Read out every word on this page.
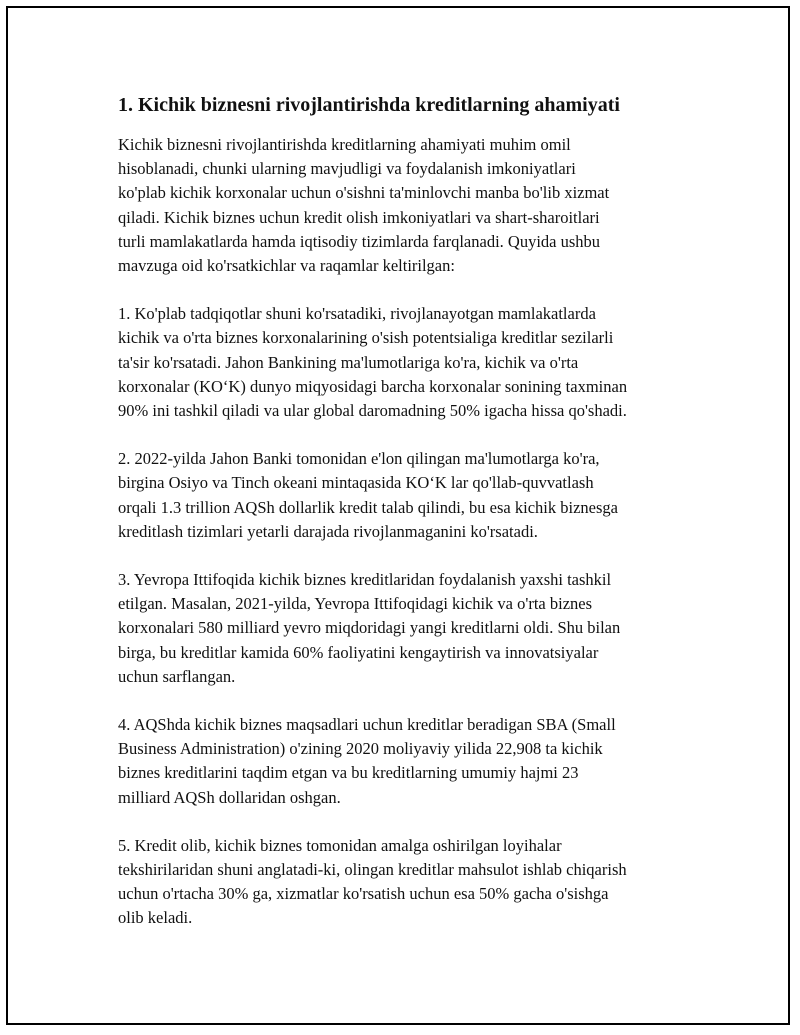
1. Kichik biznesni rivojlantirishda kreditlarning ahamiyati

Kichik biznesni rivojlantirishda kreditlarning ahamiyati muhim omil
hisoblanadi, chunki ularning mavjudligi va foydalanish imkoniyatlari
ko'plab kichik korxonalar uchun o'sishni ta'minlovchi manba bo'lib xizmat
qiladi. Kichik biznes uchun kredit olish imkoniyatlari va shart-sharoitlari
turli mamlakatlarda hamda iqtisodiy tizimlarda farqlanadi. Quyida ushbu
mavzuga oid ko'rsatkichlar va raqamlar keltirilgan:

1. Ko'plab tadqiqotlar shuni ko'rsatadiki, rivojlanayotgan mamlakatlarda
kichik va o'rta biznes korxonalarining o'sish potentsialiga kreditlar sezilarli
ta'sir ko'rsatadi. Jahon Bankining ma'lumotlariga ko'ra, kichik va o'rta
korxonalar (KO‘K) dunyo miqyosidagi barcha korxonalar sonining taxminan
90% ini tashkil qiladi va ular global daromadning 50% igacha hissa qo'shadi.

2. 2022-yilda Jahon Banki tomonidan e'lon qilingan ma'lumotlarga ko'ra,
birgina Osiyo va Tinch okeani mintaqasida KO‘K lar qo'llab-quvvatlash
orqali 1.3 trillion AQSh dollarlik kredit talab qilindi, bu esa kichik biznesga
kreditlash tizimlari yetarli darajada rivojlanmaganini ko'rsatadi.

3. Yevropa Ittifoqida kichik biznes kreditlaridan foydalanish yaxshi tashkil
etilgan. Masalan, 2021-yilda, Yevropa Ittifoqidagi kichik va o'rta biznes
korxonalari 580 milliard yevro miqdoridagi yangi kreditlarni oldi. Shu bilan
birga, bu kreditlar kamida 60% faoliyatini kengaytirish va innovatsiyalar
uchun sarflangan.

4. AQShda kichik biznes maqsadlari uchun kreditlar beradigan SBA (Small
Business Administration) o'zining 2020 moliyaviy yilida 22,908 ta kichik
biznes kreditlarini taqdim etgan va bu kreditlarning umumiy hajmi 23
milliard AQSh dollaridan oshgan.

5. Kredit olib, kichik biznes tomonidan amalga oshirilgan loyihalar
tekshirilaridan shuni anglatadi-ki, olingan kreditlar mahsulot ishlab chiqarish
uchun o'rtacha 30% ga, xizmatlar ko'rsatish uchun esa 50% gacha o'sishga
olib keladi.
